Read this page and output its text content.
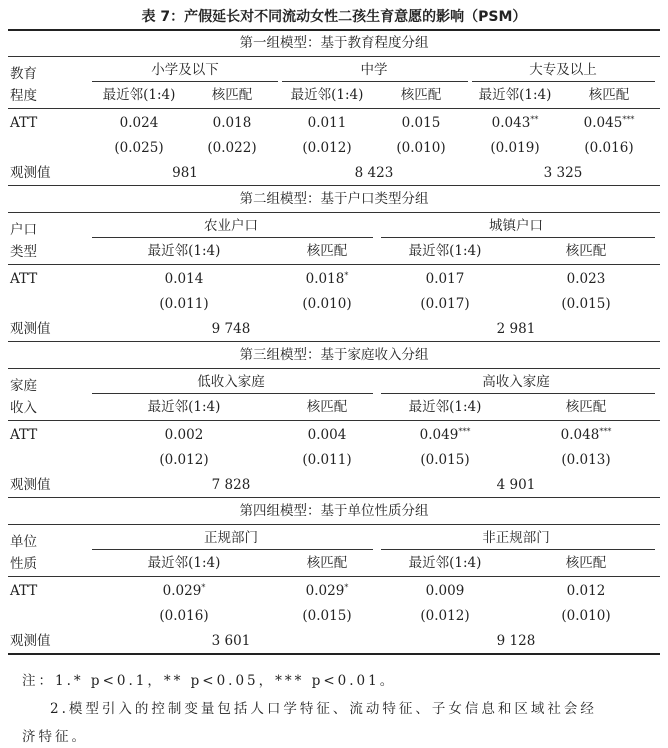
表 7：产假延长对不同流动女性二孩生育意愿的影响（PSM）
第一组模型：基于教育程度分组
教育
程度
小学及以下	中学	大专及以上
最近邻(1:4)	核匹配	最近邻(1:4)	核匹配	最近邻(1:4)	核匹配
ATT	0.024	0.018	0.011	0.015	0.043**	0.045***
(0.025)	(0.022)	(0.012)	(0.010)	(0.019)	(0.016)
观测值	981	8 423	3 325
第二组模型：基于户口类型分组
户口
类型
农业户口	城镇户口
最近邻(1:4)	核匹配	最近邻(1:4)	核匹配
ATT	0.014	0.018*	0.017	0.023
(0.011)	(0.010)	(0.017)	(0.015)
观测值	9 748	2 981
第三组模型：基于家庭收入分组
家庭
收入
低收入家庭	高收入家庭
最近邻(1:4)	核匹配	最近邻(1:4)	核匹配
ATT	0.002	0.004	0.049***	0.048***
(0.012)	(0.011)	(0.015)	(0.013)
观测值	7 828	4 901
第四组模型：基于单位性质分组
单位
性质
正规部门	非正规部门
最近邻(1:4)	核匹配	最近邻(1:4)	核匹配
ATT	0.029*	0.029*	0.009	0.012
(0.016)	(0.015)	(0.012)	(0.010)
观测值	3 601	9 128
注：1.* p<0.1，** p<0.05，*** p<0.01。
2.模型引入的控制变量包括人口学特征、流动特征、子女信息和区域社会经
济特征。
